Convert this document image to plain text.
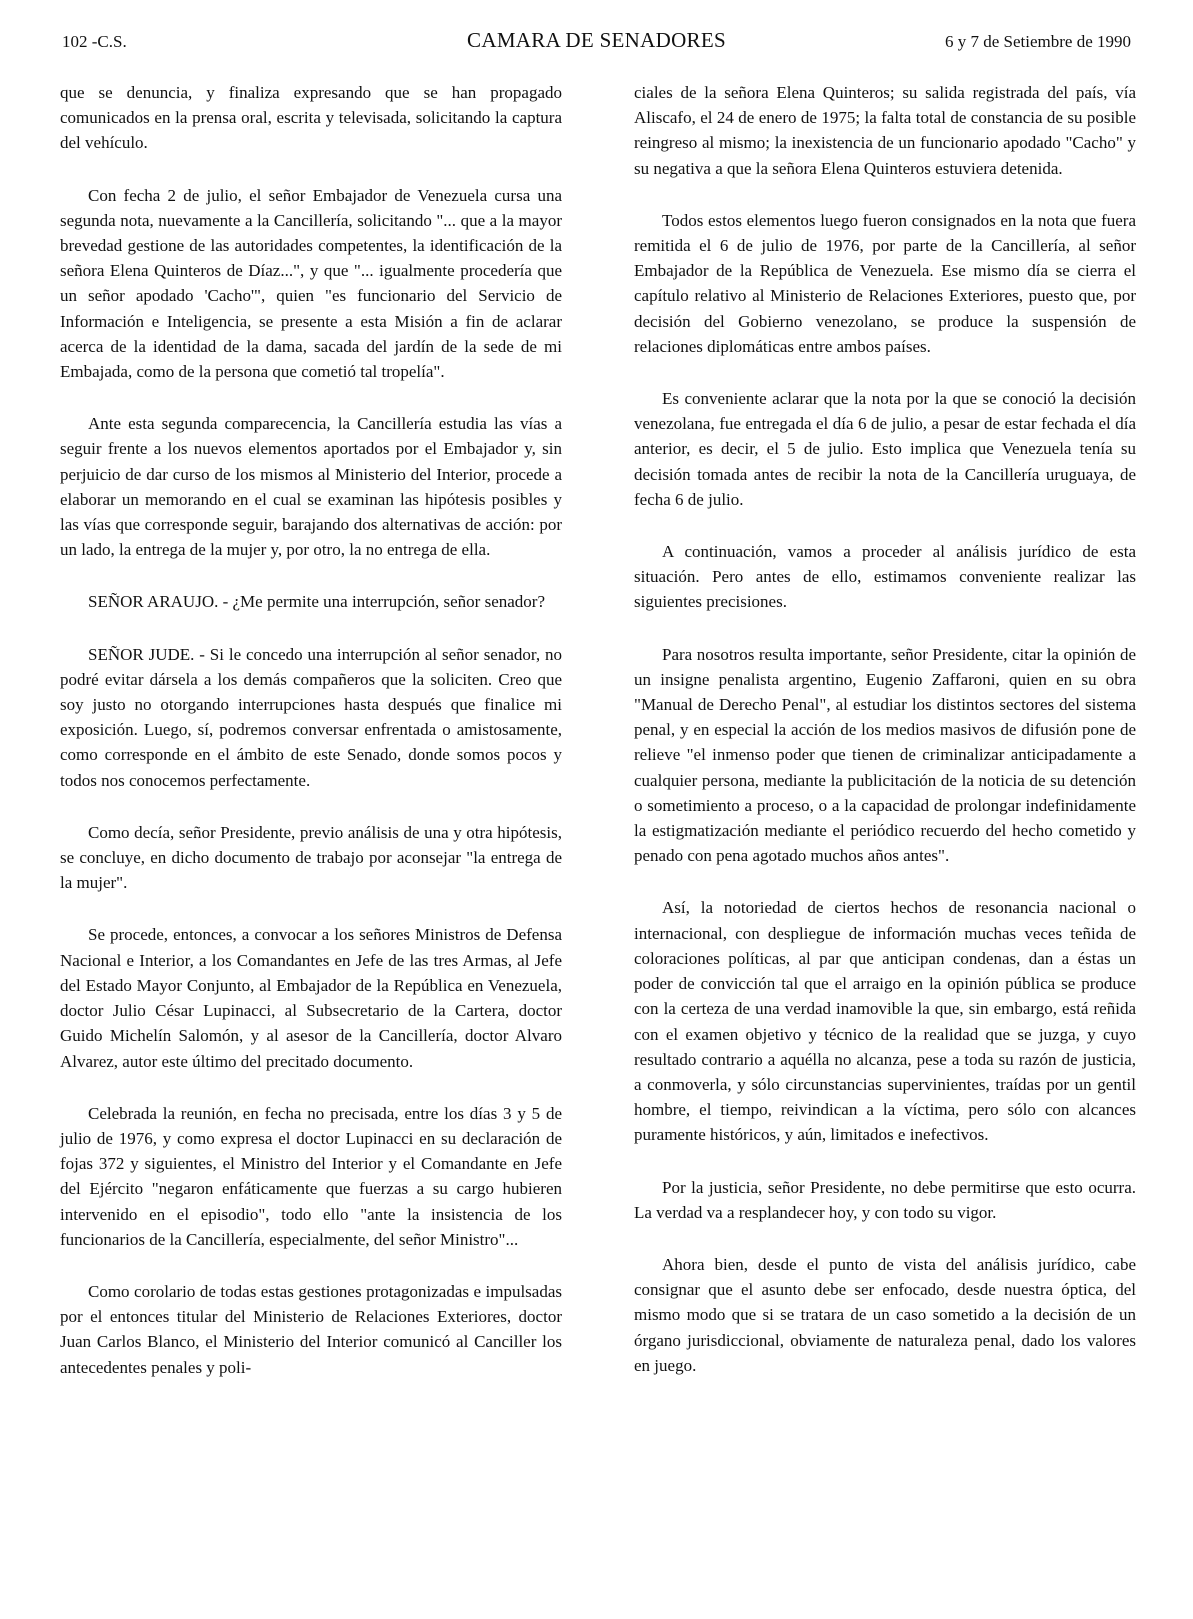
102 -C.S.	CAMARA DE SENADORES	6 y 7 de Setiembre de 1990

que se denuncia, y finaliza expresando que se han propagado comunicados en la prensa oral, escrita y televisada, solicitando la captura del vehículo.

Con fecha 2 de julio, el señor Embajador de Venezuela cursa una segunda nota, nuevamente a la Cancillería, solicitando "... que a la mayor brevedad gestione de las autoridades competentes, la identificación de la señora Elena Quinteros de Díaz...", y que "... igualmente procedería que un señor apodado 'Cacho'", quien "es funcionario del Servicio de Información e Inteligencia, se presente a esta Misión a fin de aclarar acerca de la identidad de la dama, sacada del jardín de la sede de mi Embajada, como de la persona que cometió tal tropelía".

Ante esta segunda comparecencia, la Cancillería estudia las vías a seguir frente a los nuevos elementos aportados por el Embajador y, sin perjuicio de dar curso de los mismos al Ministerio del Interior, procede a elaborar un memorando en el cual se examinan las hipótesis posibles y las vías que corresponde seguir, barajando dos alternativas de acción: por un lado, la entrega de la mujer y, por otro, la no entrega de ella.

SEÑOR ARAUJO. - ¿Me permite una interrupción, señor senador?

SEÑOR JUDE. - Si le concedo una interrupción al señor senador, no podré evitar dársela a los demás compañeros que la soliciten. Creo que soy justo no otorgando interrupciones hasta después que finalice mi exposición. Luego, sí, podremos conversar enfrentada o amistosamente, como corresponde en el ámbito de este Senado, donde somos pocos y todos nos conocemos perfectamente.

Como decía, señor Presidente, previo análisis de una y otra hipótesis, se concluye, en dicho documento de trabajo por aconsejar "la entrega de la mujer".

Se procede, entonces, a convocar a los señores Ministros de Defensa Nacional e Interior, a los Comandantes en Jefe de las tres Armas, al Jefe del Estado Mayor Conjunto, al Embajador de la República en Venezuela, doctor Julio César Lupinacci, al Subsecretario de la Cartera, doctor Guido Michelín Salomón, y al asesor de la Cancillería, doctor Alvaro Alvarez, autor este último del precitado documento.

Celebrada la reunión, en fecha no precisada, entre los días 3 y 5 de julio de 1976, y como expresa el doctor Lupinacci en su declaración de fojas 372 y siguientes, el Ministro del Interior y el Comandante en Jefe del Ejército "negaron enfáticamente que fuerzas a su cargo hubieren intervenido en el episodio", todo ello "ante la insistencia de los funcionarios de la Cancillería, especialmente, del señor Ministro"...

Como corolario de todas estas gestiones protagonizadas e impulsadas por el entonces titular del Ministerio de Relaciones Exteriores, doctor Juan Carlos Blanco, el Ministerio del Interior comunicó al Canciller los antecedentes penales y poli-

ciales de la señora Elena Quinteros; su salida registrada del país, vía Aliscafo, el 24 de enero de 1975; la falta total de constancia de su posible reingreso al mismo; la inexistencia de un funcionario apodado "Cacho" y su negativa a que la señora Elena Quinteros estuviera detenida.

Todos estos elementos luego fueron consignados en la nota que fuera remitida el 6 de julio de 1976, por parte de la Cancillería, al señor Embajador de la República de Venezuela. Ese mismo día se cierra el capítulo relativo al Ministerio de Relaciones Exteriores, puesto que, por decisión del Gobierno venezolano, se produce la suspensión de relaciones diplomáticas entre ambos países.

Es conveniente aclarar que la nota por la que se conoció la decisión venezolana, fue entregada el día 6 de julio, a pesar de estar fechada el día anterior, es decir, el 5 de julio. Esto implica que Venezuela tenía su decisión tomada antes de recibir la nota de la Cancillería uruguaya, de fecha 6 de julio.

A continuación, vamos a proceder al análisis jurídico de esta situación. Pero antes de ello, estimamos conveniente realizar las siguientes precisiones.

Para nosotros resulta importante, señor Presidente, citar la opinión de un insigne penalista argentino, Eugenio Zaffaroni, quien en su obra "Manual de Derecho Penal", al estudiar los distintos sectores del sistema penal, y en especial la acción de los medios masivos de difusión pone de relieve "el inmenso poder que tienen de criminalizar anticipadamente a cualquier persona, mediante la publicitación de la noticia de su detención o sometimiento a proceso, o a la capacidad de prolongar indefinidamente la estigmatización mediante el periódico recuerdo del hecho cometido y penado con pena agotado muchos años antes".

Así, la notoriedad de ciertos hechos de resonancia nacional o internacional, con despliegue de información muchas veces teñida de coloraciones políticas, al par que anticipan condenas, dan a éstas un poder de convicción tal que el arraigo en la opinión pública se produce con la certeza de una verdad inamovible la que, sin embargo, está reñida con el examen objetivo y técnico de la realidad que se juzga, y cuyo resultado contrario a aquélla no alcanza, pese a toda su razón de justicia, a conmoverla, y sólo circunstancias supervinientes, traídas por un gentil hombre, el tiempo, reivindican a la víctima, pero sólo con alcances puramente históricos, y aún, limitados e inefectivos.

Por la justicia, señor Presidente, no debe permitirse que esto ocurra. La verdad va a resplandecer hoy, y con todo su vigor.

Ahora bien, desde el punto de vista del análisis jurídico, cabe consignar que el asunto debe ser enfocado, desde nuestra óptica, del mismo modo que si se tratara de un caso sometido a la decisión de un órgano jurisdiccional, obviamente de naturaleza penal, dado los valores en juego.
